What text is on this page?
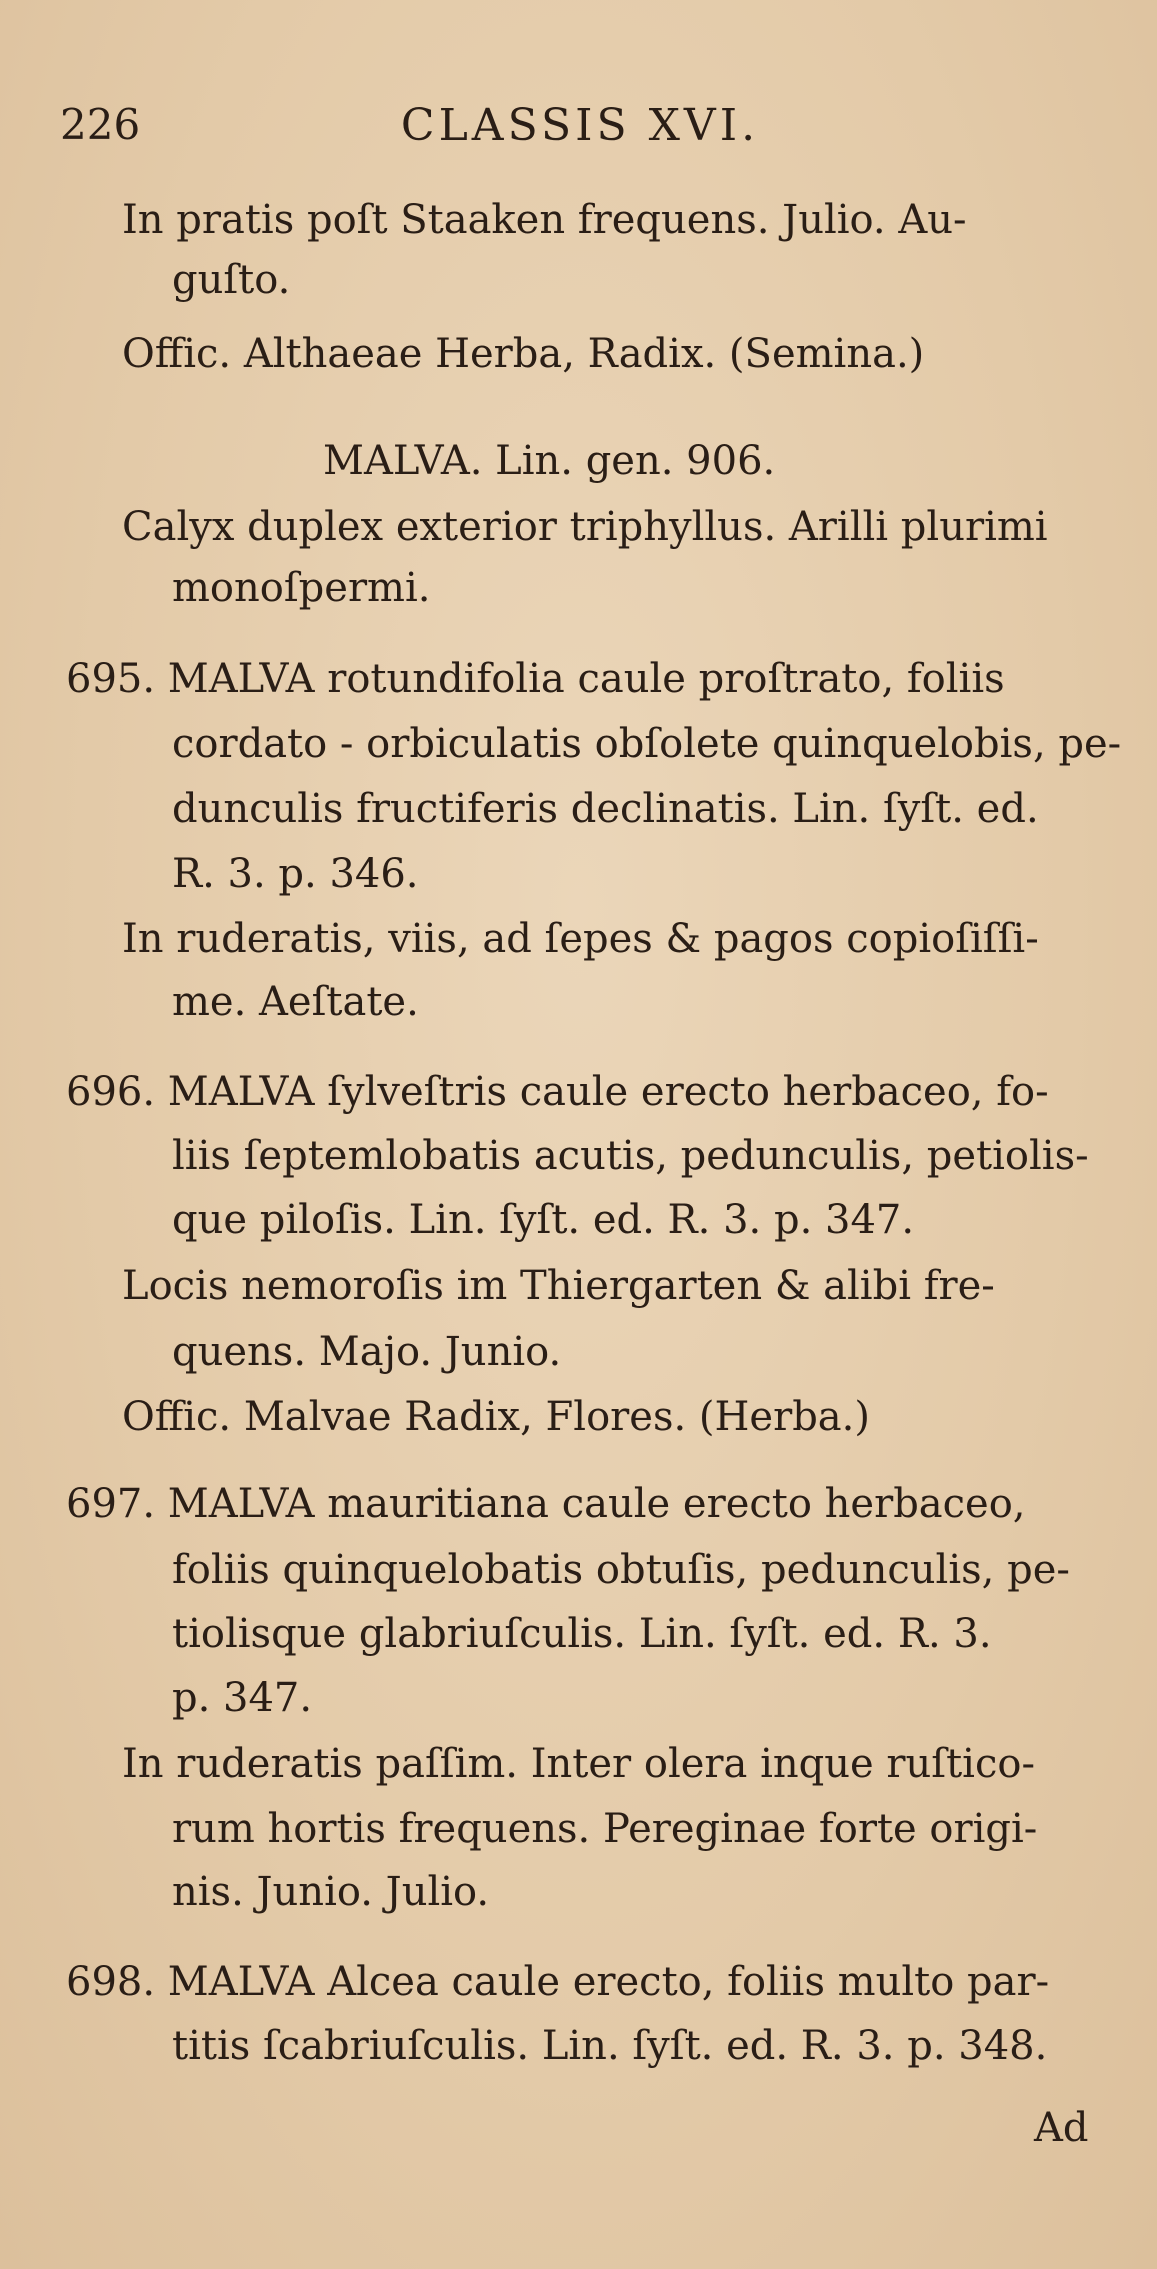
226	CLASSIS XVI.
In pratis poſt Staaken frequens. Julio. Au-
guſto.
Offic. Althaeae Herba, Radix. (Semina.)
MALVA. Lin. gen. 906.
Calyx duplex exterior triphyllus. Arilli plurimi
monoſpermi.
695. MALVA rotundifolia caule proſtrato, foliis
cordato - orbiculatis obſolete quinquelobis, pe-
dunculis fructiferis declinatis. Lin. ſyſt. ed.
R. 3. p. 346.
In ruderatis, viis, ad ſepes & pagos copioſiſſi-
me. Aeſtate.
696. MALVA ſylveſtris caule erecto herbaceo, fo-
liis ſeptemlobatis acutis, pedunculis, petiolis-
que piloſis. Lin. ſyſt. ed. R. 3. p. 347.
Locis nemoroſis im Thiergarten & alibi fre-
quens. Majo. Junio.
Offic. Malvae Radix, Flores. (Herba.)
697. MALVA mauritiana caule erecto herbaceo,
foliis quinquelobatis obtuſis, pedunculis, pe-
tiolisque glabriuſculis. Lin. ſyſt. ed. R. 3.
p. 347.
In ruderatis paſſim. Inter olera inque ruſtico-
rum hortis frequens. Pereginae forte origi-
nis. Junio. Julio.
698. MALVA Alcea caule erecto, foliis multo par-
titis ſcabriuſculis. Lin. ſyſt. ed. R. 3. p. 348.
Ad
